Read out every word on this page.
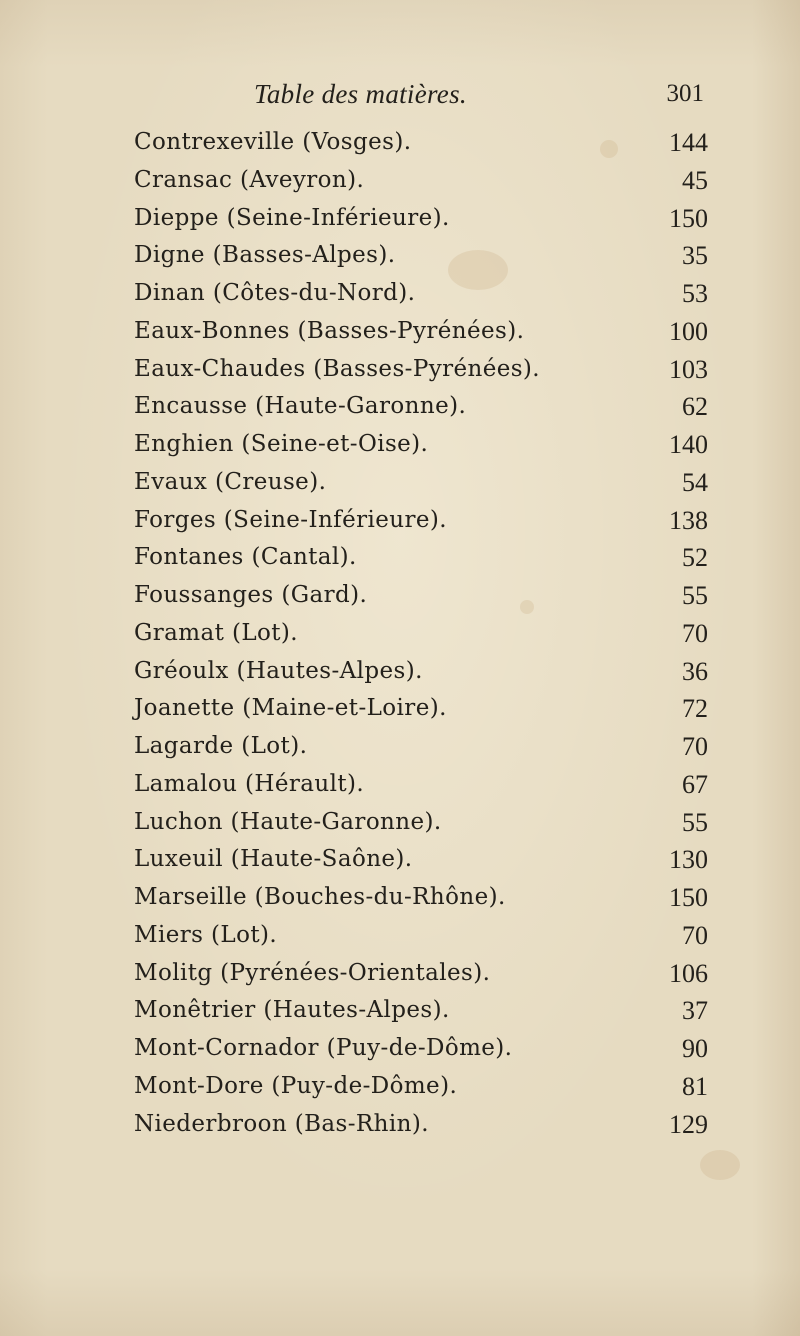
Table des matières.	301
Contrexeville (Vosges).	144
Cransac (Aveyron).	45
Dieppe (Seine-Inférieure).	150
Digne (Basses-Alpes).	35
Dinan (Côtes-du-Nord).	53
Eaux-Bonnes (Basses-Pyrénées).	100
Eaux-Chaudes (Basses-Pyrénées).	103
Encausse (Haute-Garonne).	62
Enghien (Seine-et-Oise).	140
Evaux (Creuse).	54
Forges (Seine-Inférieure).	138
Fontanes (Cantal).	52
Foussanges (Gard).	55
Gramat (Lot).	70
Gréoulx (Hautes-Alpes).	36
Joanette (Maine-et-Loire).	72
Lagarde (Lot).	70
Lamalou (Hérault).	67
Luchon (Haute-Garonne).	55
Luxeuil (Haute-Saône).	130
Marseille (Bouches-du-Rhône).	150
Miers (Lot).	70
Molitg (Pyrénées-Orientales).	106
Monêtrier (Hautes-Alpes).	37
Mont-Cornador (Puy-de-Dôme).	90
Mont-Dore (Puy-de-Dôme).	81
Niederbroon (Bas-Rhin).	129
